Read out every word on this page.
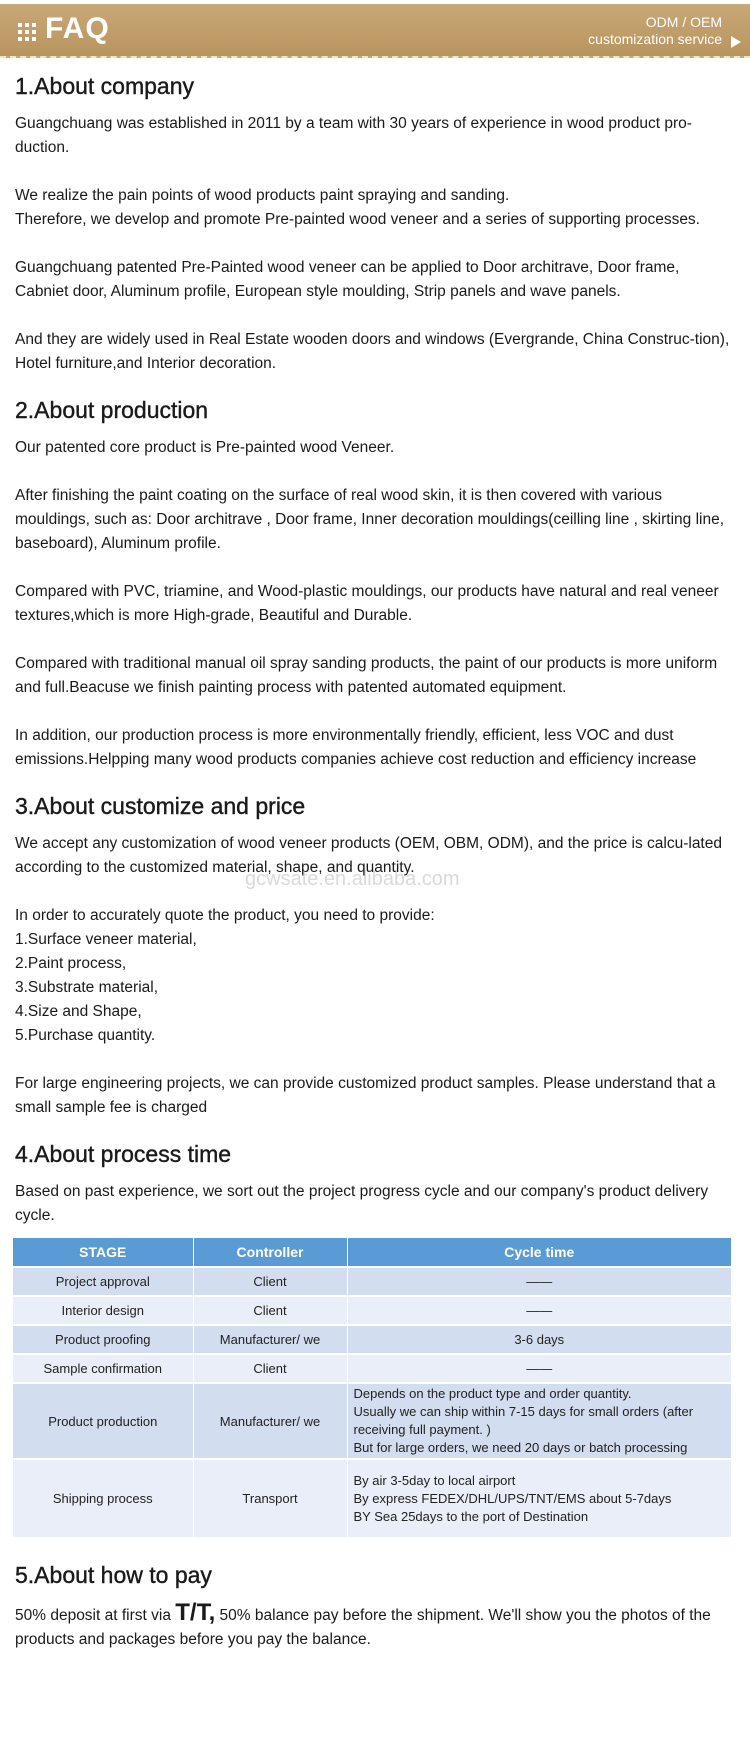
FAQ	ODM / OEM
customization service
1.About company

Guangchuang was established in 2011 by a team with 30 years of experience in wood product pro-duction.

We realize the pain points of wood products paint spraying and sanding.
Therefore, we develop and promote Pre-painted wood veneer and a series of supporting processes.

Guangchuang patented Pre-Painted wood veneer can be applied to Door architrave, Door frame, Cabniet door, Aluminum profile, European style moulding, Strip panels and wave panels.

And they are widely used in Real Estate wooden doors and windows (Evergrande, China Construc-tion), Hotel furniture,and Interior decoration.

2.About production

Our patented core product is Pre-painted wood Veneer.

After finishing the paint coating on the surface of real wood skin, it is then covered with various mouldings, such as: Door architrave , Door frame, Inner decoration mouldings(ceilling line , skirting line, baseboard), Aluminum profile.

Compared with PVC, triamine, and Wood-plastic mouldings, our products have natural and real veneer textures,which is more High-grade, Beautiful and Durable.

Compared with traditional manual oil spray sanding products, the paint of our products is more uniform and full.Beacuse we finish painting process with patented automated equipment.

In addition, our production process is more environmentally friendly, efficient, less VOC and dust emissions.Helpping many wood products companies achieve cost reduction and efficiency increase

3.About customize and price

We accept any customization of wood veneer products (OEM, OBM, ODM), and the price is calcu-lated according to the customized material, shape, and quantity.

In order to accurately quote the product, you need to provide:
1.Surface veneer material,
2.Paint process,
3.Substrate material,
4.Size and Shape,
5.Purchase quantity.

For large engineering projects, we can provide customized product samples. Please understand that a small sample fee is charged

4.About process time

Based on past experience, we sort out the project progress cycle and our company's product delivery cycle.

STAGE	Controller	Cycle time
Project approval	Client	——
Interior design	Client	——
Product proofing	Manufacturer/ we	3-6 days
Sample confirmation	Client	——
Product production	Manufacturer/ we	Depends on the product type and order quantity.
Usually we can ship within 7-15 days for small orders (after receiving full payment. )
But for large orders, we need 20 days or batch processing

Shipping process	Transport	By air 3-5day to local airport
By express FEDEX/DHL/UPS/TNT/EMS about 5-7days
BY Sea 25days to the port of Destination
5.About how to pay

50% deposit at first via T/T, 50% balance pay before the shipment. We'll show you the photos of the products and packages before you pay the balance.

gcwsate.en.alibaba.com
